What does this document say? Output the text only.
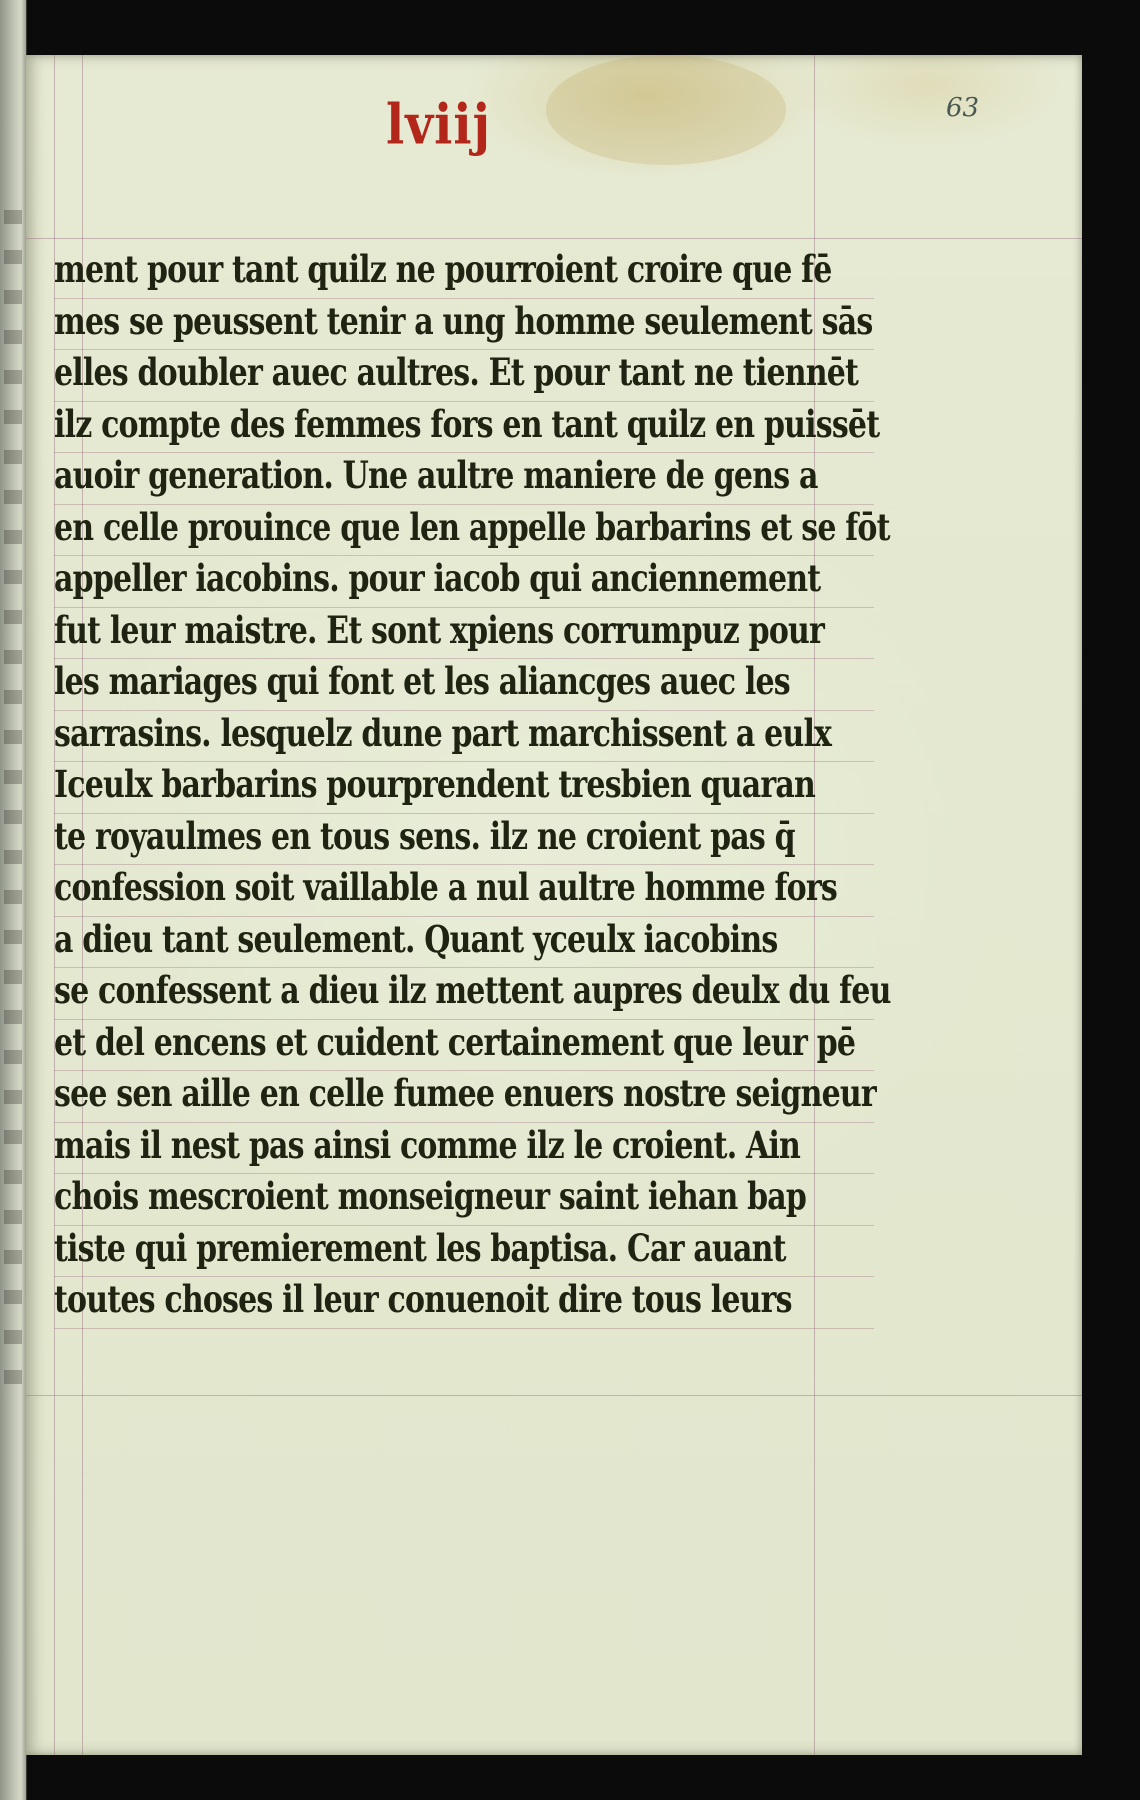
lviij	63
ment pour tant quilz ne pourroient croire que fē
mes se peussent tenir a ung homme seulement sās
elles doubler auec aultres. Et pour tant ne tiennēt
ilz compte des femmes fors en tant quilz en puissēt
auoir generation. Une aultre maniere de gens a
en celle prouince que len appelle barbarins et se fōt
appeller iacobins. pour iacob qui anciennement
fut leur maistre. Et sont xpiens corrumpuz pour
les mariages qui font et les aliancges auec les
sarrasins. lesquelz dune part marchissent a eulx
Iceulx barbarins pourprendent tresbien quaran
te royaulmes en tous sens. ilz ne croient pas q̄
confession soit vaillable a nul aultre homme fors
a dieu tant seulement. Quant yceulx iacobins
se confessent a dieu ilz mettent aupres deulx du feu
et del encens et cuident certainement que leur pē
see sen aille en celle fumee enuers nostre seigneur
mais il nest pas ainsi comme ilz le croient. Ain
chois mescroient monseigneur saint iehan bap
tiste qui premierement les baptisa. Car auant
toutes choses il leur conuenoit dire tous leurs
